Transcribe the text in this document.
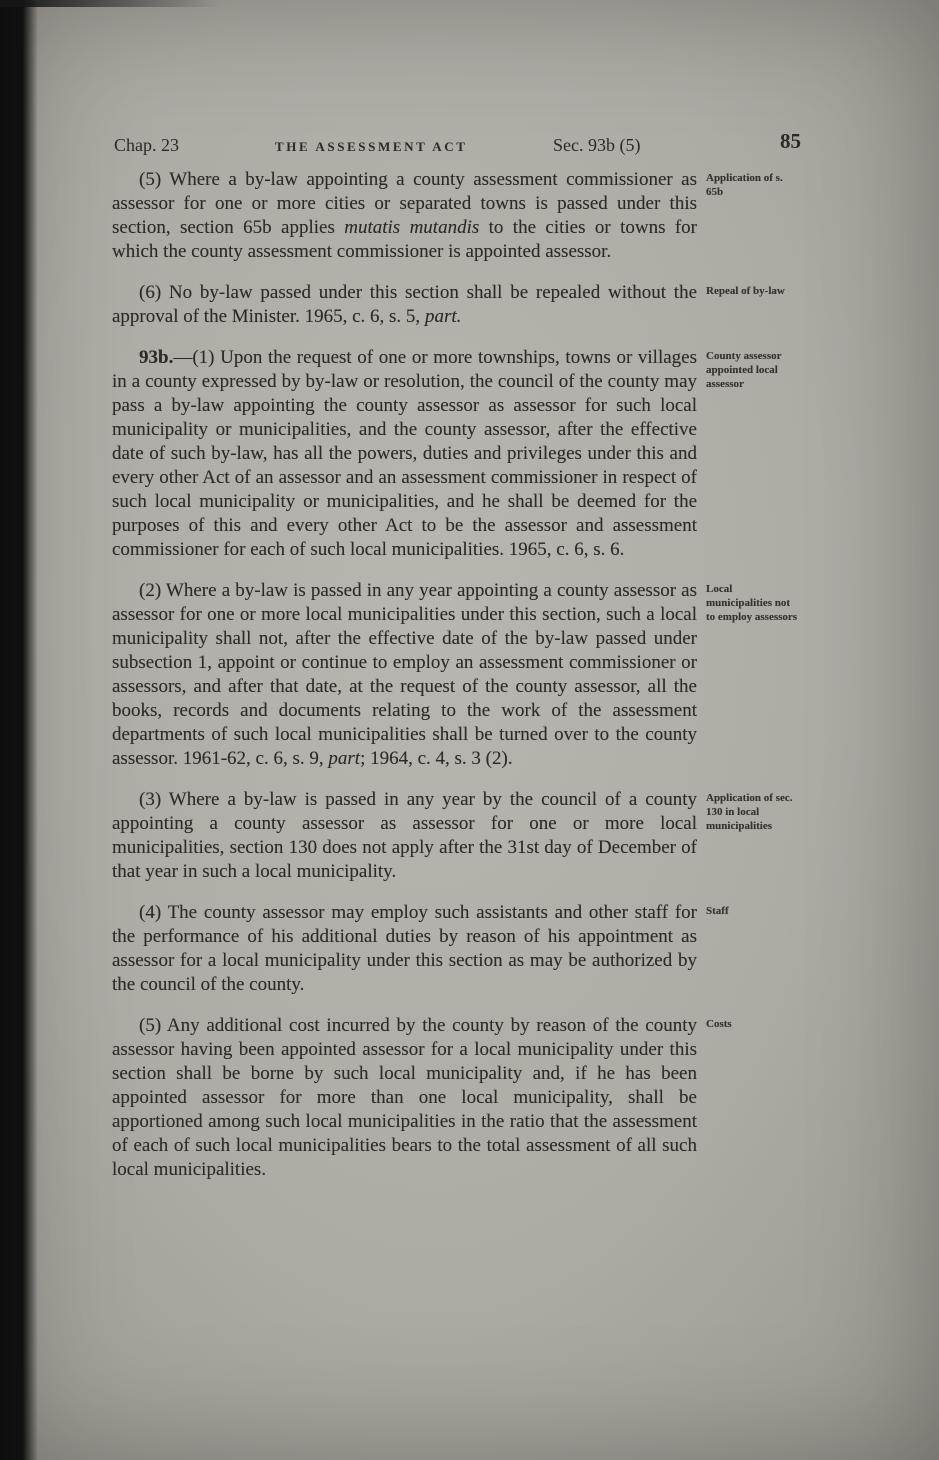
Chap. 23	THE ASSESSMENT ACT	Sec. 93b (5)	85

(5) Where a by-law appointing a county assessment commissioner as assessor for one or more cities or separated towns is passed under this section, section 65b applies mutatis mutandis to the cities or towns for which the county assessment commissioner is appointed assessor.

Application of s. 65b

(6) No by-law passed under this section shall be repealed without the approval of the Minister. 1965, c. 6, s. 5, part.

Repeal of by-law

93b.—(1) Upon the request of one or more townships, towns or villages in a county expressed by by-law or resolution, the council of the county may pass a by-law appointing the county assessor as assessor for such local municipality or municipalities, and the county assessor, after the effective date of such by-law, has all the powers, duties and privileges under this and every other Act of an assessor and an assessment commissioner in respect of such local municipality or municipalities, and he shall be deemed for the purposes of this and every other Act to be the assessor and assessment commissioner for each of such local municipalities. 1965, c. 6, s. 6.

County assessor appointed local assessor

(2) Where a by-law is passed in any year appointing a county assessor as assessor for one or more local municipalities under this section, such a local municipality shall not, after the effective date of the by-law passed under subsection 1, appoint or continue to employ an assessment commissioner or assessors, and after that date, at the request of the county assessor, all the books, records and documents relating to the work of the assessment departments of such local municipalities shall be turned over to the county assessor. 1961-62, c. 6, s. 9, part; 1964, c. 4, s. 3 (2).

Local municipalities not to employ assessors

(3) Where a by-law is passed in any year by the council of a county appointing a county assessor as assessor for one or more local municipalities, section 130 does not apply after the 31st day of December of that year in such a local municipality.

Application of sec. 130 in local municipalities

(4) The county assessor may employ such assistants and other staff for the performance of his additional duties by reason of his appointment as assessor for a local municipality under this section as may be authorized by the council of the county.

Staff

(5) Any additional cost incurred by the county by reason of the county assessor having been appointed assessor for a local municipality under this section shall be borne by such local municipality and, if he has been appointed assessor for more than one local municipality, shall be apportioned among such local municipalities in the ratio that the assessment of each of such local municipalities bears to the total assessment of all such local municipalities.

Costs
